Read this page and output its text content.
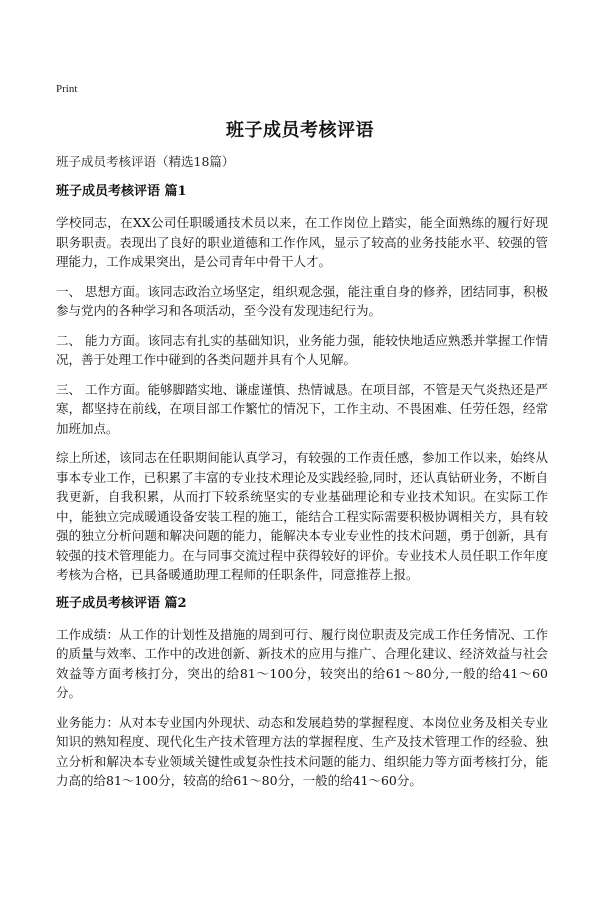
Print
班子成员考核评语
班子成员考核评语（精选18篇）
班子成员考核评语 篇1

学校同志，在XX公司任职暖通技术员以来，在工作岗位上踏实，能全面熟练的履行好现职务职责。表现出了良好的职业道德和工作作风，显示了较高的业务技能水平、较强的管理能力，工作成果突出，是公司青年中骨干人才。

一、 思想方面。该同志政治立场坚定，组织观念强，能注重自身的修养，团结同事，积极参与党内的各种学习和各项活动，至今没有发现违纪行为。

二、 能力方面。该同志有扎实的基础知识，业务能力强，能较快地适应熟悉并掌握工作情况，善于处理工作中碰到的各类问题并具有个人见解。

三、 工作方面。能够脚踏实地、谦虚谨慎、热情诚恳。在项目部，不管是天气炎热还是严寒，都坚持在前线，在项目部工作繁忙的情况下，工作主动、不畏困难、任劳任怨，经常加班加点。

综上所述，该同志在任职期间能认真学习，有较强的工作责任感，参加工作以来，始终从事本专业工作，已积累了丰富的专业技术理论及实践经验,同时，还认真钻研业务，不断自我更新，自我积累，从而打下较系统坚实的专业基础理论和专业技术知识。在实际工作中，能独立完成暖通设备安装工程的施工，能结合工程实际需要积极协调相关方，具有较强的独立分析问题和解决问题的能力，能解决本专业专业性的技术问题，勇于创新，具有较强的技术管理能力。在与同事交流过程中获得较好的评价。专业技术人员任职工作年度考核为合格，已具备暖通助理工程师的任职条件，同意推荐上报。

班子成员考核评语 篇2

工作成绩：从工作的计划性及措施的周到可行、履行岗位职责及完成工作任务情况、工作的质量与效率、工作中的改进创新、新技术的应用与推广、合理化建议、经济效益与社会效益等方面考核打分，突出的给81～100分，较突出的给61～80分,一般的给41～60分。

业务能力：从对本专业国内外现状、动态和发展趋势的掌握程度、本岗位业务及相关专业知识的熟知程度、现代化生产技术管理方法的掌握程度、生产及技术管理工作的经验、独立分析和解决本专业领域关键性或复杂性技术问题的能力、组织能力等方面考核打分，能力高的给81～100分，较高的给61～80分，一般的给41～60分。
